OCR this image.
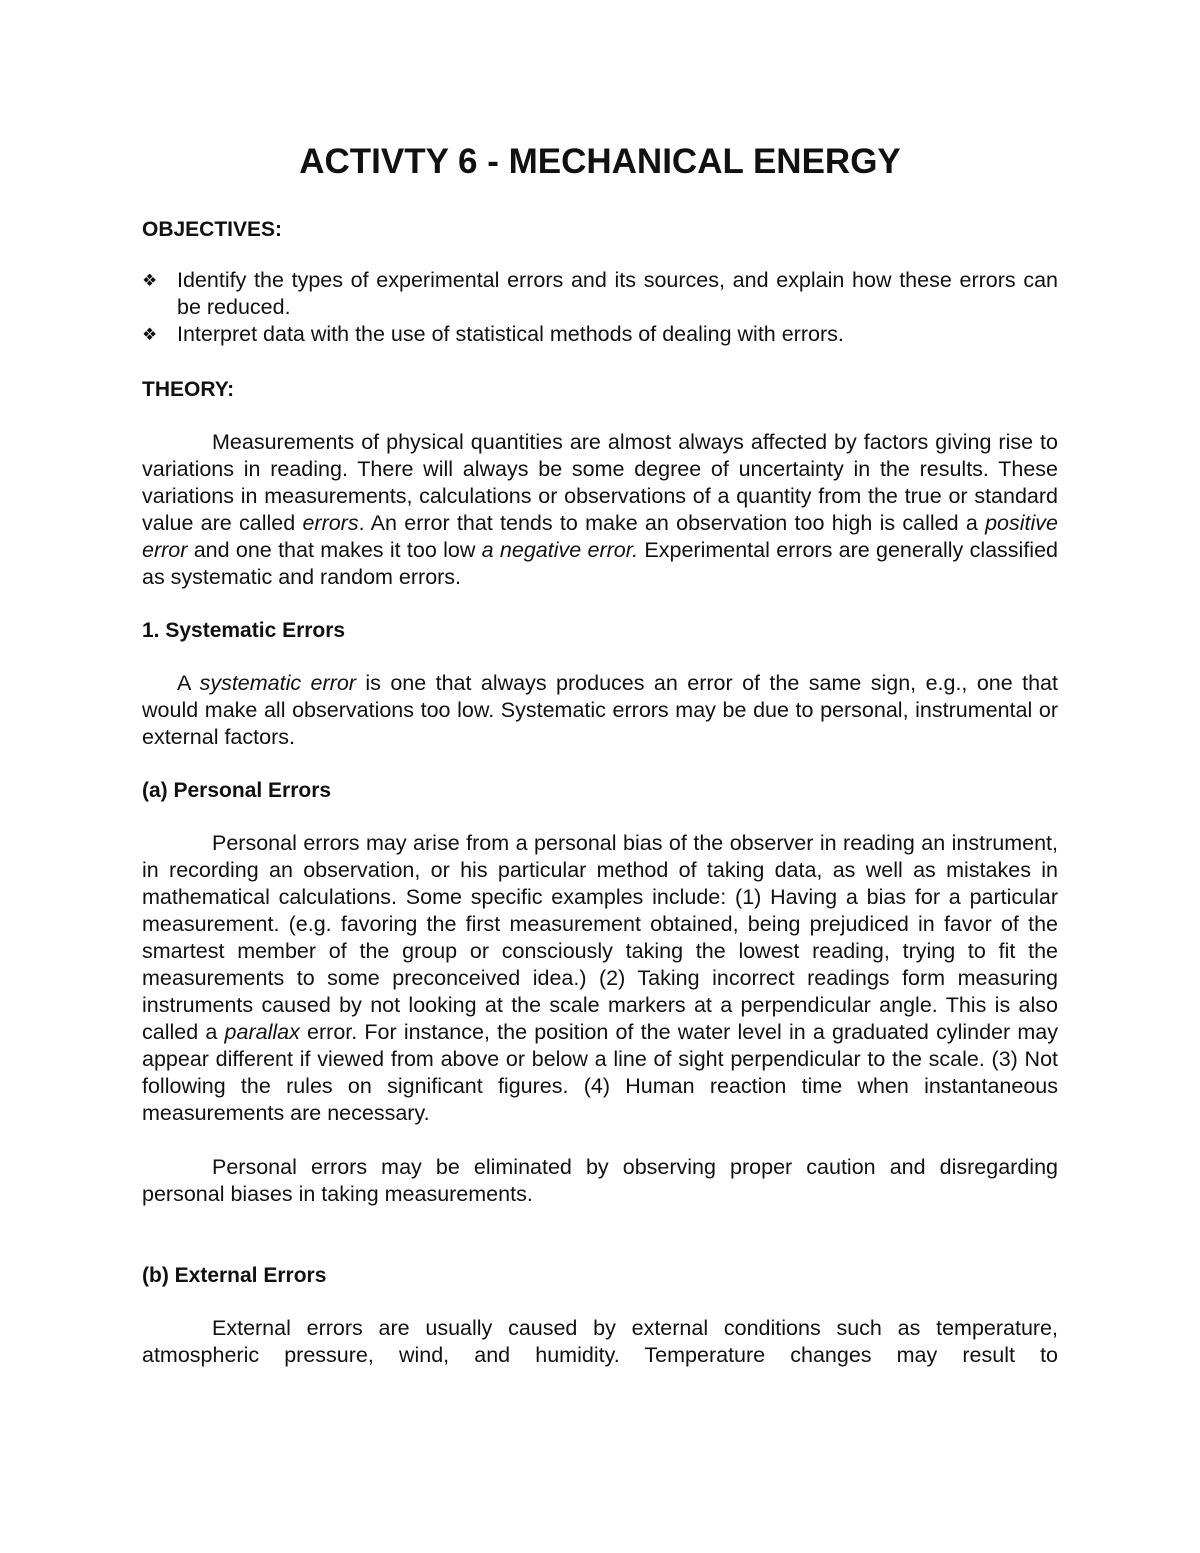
ACTIVTY 6 - MECHANICAL ENERGY
OBJECTIVES:
❖ Identify the types of experimental errors and its sources, and explain how these errors can be reduced.
❖ Interpret data with the use of statistical methods of dealing with errors.
THEORY:

Measurements of physical quantities are almost always affected by factors giving rise to variations in reading. There will always be some degree of uncertainty in the results. These variations in measurements, calculations or observations of a quantity from the true or standard value are called errors. An error that tends to make an observation too high is called a positive error and one that makes it too low a negative error. Experimental errors are generally classified as systematic and random errors.

1. Systematic Errors

A systematic error is one that always produces an error of the same sign, e.g., one that would make all observations too low. Systematic errors may be due to personal, instrumental or external factors.

(a) Personal Errors

Personal errors may arise from a personal bias of the observer in reading an instrument, in recording an observation, or his particular method of taking data, as well as mistakes in mathematical calculations. Some specific examples include: (1) Having a bias for a particular measurement. (e.g. favoring the first measurement obtained, being prejudiced in favor of the smartest member of the group or consciously taking the lowest reading, trying to fit the measurements to some preconceived idea.) (2) Taking incorrect readings form measuring instruments caused by not looking at the scale markers at a perpendicular angle. This is also called a parallax error. For instance, the position of the water level in a graduated cylinder may appear different if viewed from above or below a line of sight perpendicular to the scale. (3) Not following the rules on significant figures. (4) Human reaction time when instantaneous measurements are necessary.

Personal errors may be eliminated by observing proper caution and disregarding personal biases in taking measurements.

(b) External Errors

External errors are usually caused by external conditions such as temperature, atmospheric pressure, wind, and humidity. Temperature changes may result to
